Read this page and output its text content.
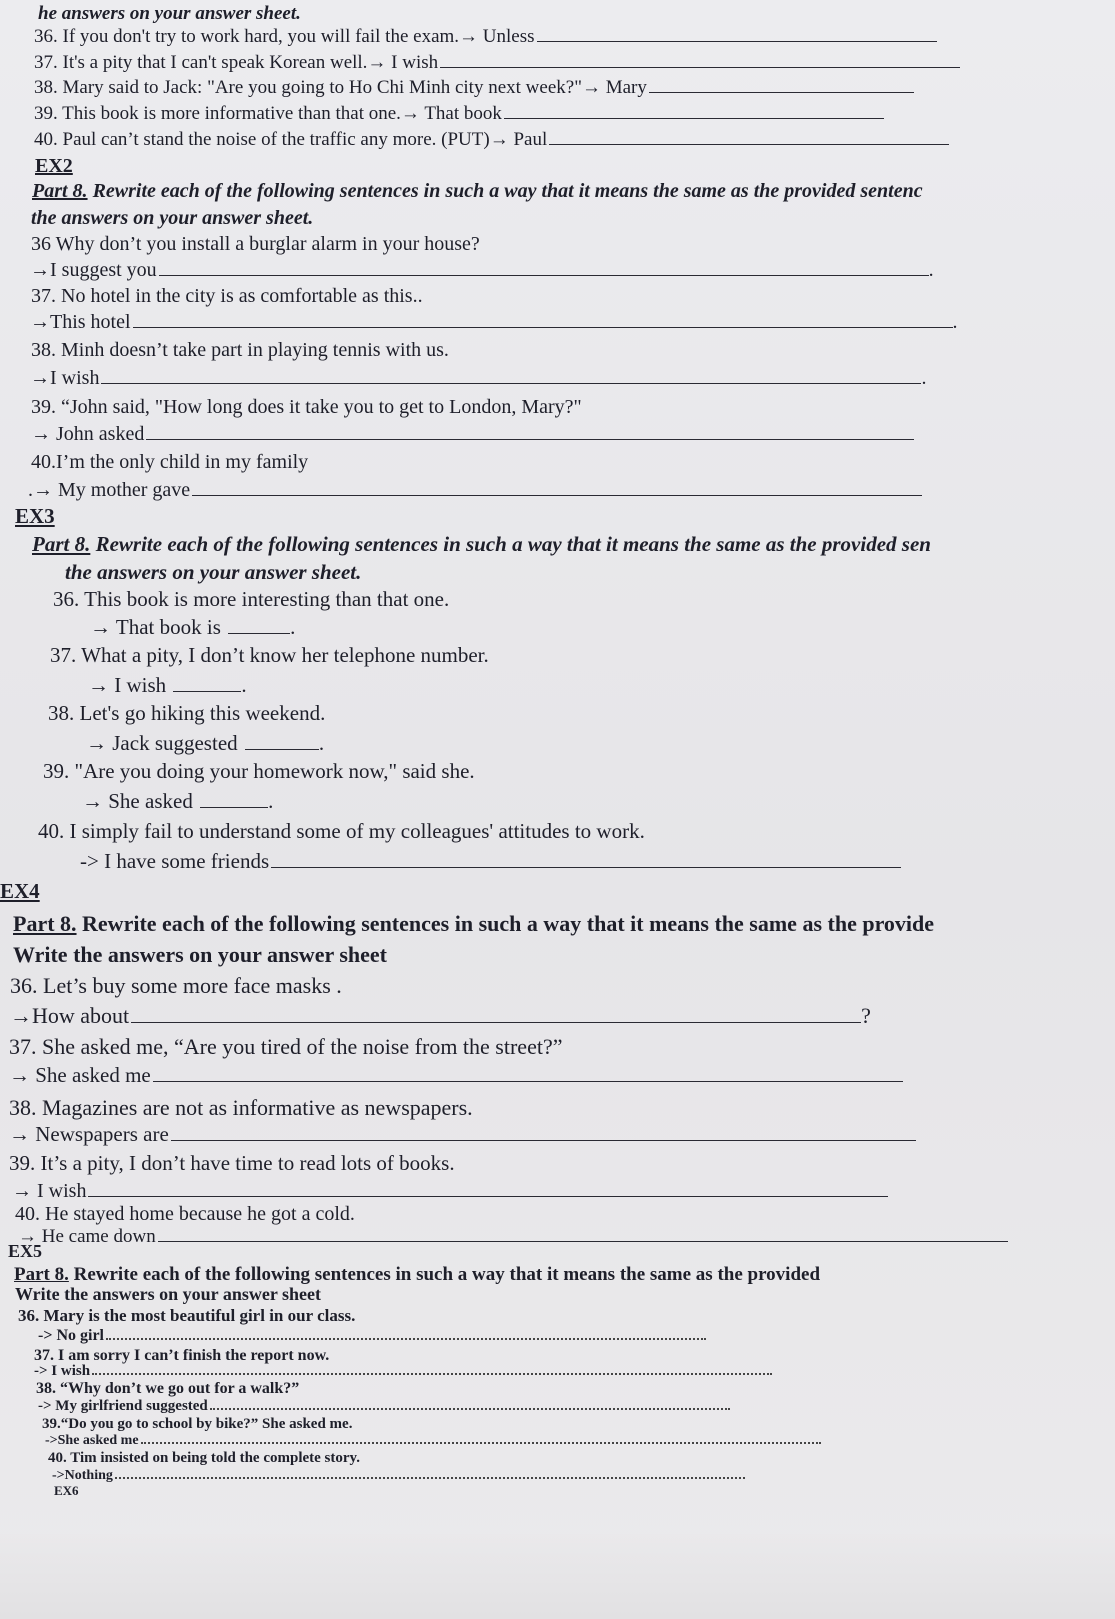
he answers on your answer sheet.
36. If you don't try to work hard, you will fail the exam.→ Unless
37. It's a pity that I can't speak Korean well.→ I wish
38. Mary said to Jack: "Are you going to Ho Chi Minh city next week?"→ Mary
39. This book is more informative than that one.→ That book
40. Paul can’t stand the noise of the traffic any more. (PUT)→ Paul
EX2
Part 8. Rewrite each of the following sentences in such a way that it means the same as the provided sentenc
the answers on your answer sheet.
36 Why don’t you install a burglar alarm in your house?
→I suggest you	.
37. No hotel in the city is as comfortable as this..
→This hotel	.
38. Minh doesn’t take part in playing tennis with us.
→I wish	.
39. “John said, "How long does it take you to get to London, Mary?"
→ John asked
40.I’m the only child in my family
.→ My mother gave
EX3
Part 8. Rewrite each of the following sentences in such a way that it means the same as the provided sen
the answers on your answer sheet.
36. This book is more interesting than that one.
→ That book is	.
37. What a pity, I don’t know her telephone number.
→ I wish	.
38. Let's go hiking this weekend.
→ Jack suggested	.
39. "Are you doing your homework now," said she.
→ She asked	.
40. I simply fail to understand some of my colleagues' attitudes to work.
-> I have some friends
EX4
Part 8. Rewrite each of the following sentences in such a way that it means the same as the provide
Write the answers on your answer sheet
36. Let’s buy some more face masks .
→How about	?
37. She asked me, “Are you tired of the noise from the street?”
→ She asked me
38. Magazines are not as informative as newspapers.
→ Newspapers are
39. It’s a pity, I don’t have time to read lots of books.
→ I wish
40. He stayed home because he got a cold.
→ He came down
EX5
Part 8. Rewrite each of the following sentences in such a way that it means the same as the provided
Write the answers on your answer sheet
36. Mary is the most beautiful girl in our class.
-> No girl
37. I am sorry I can’t finish the report now.
-> I wish
38. “Why don’t we go out for a walk?”
-> My girlfriend suggested
39.“Do you go to school by bike?” She asked me.
->She asked me
40. Tim insisted on being told the complete story.
->Nothing
EX6
